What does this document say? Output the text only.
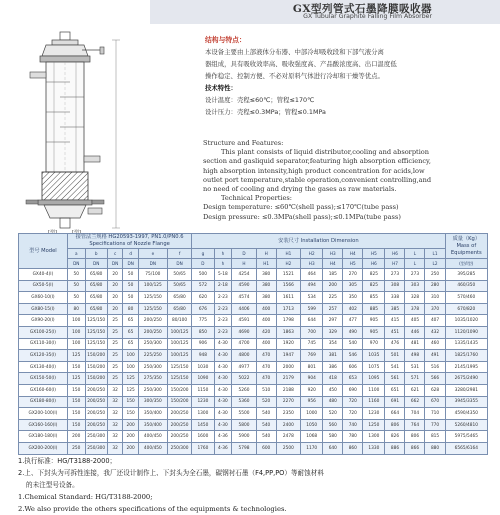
GX型列管式石墨降膜吸收器
GX Tubular Graphite Falling Film Absorber
结构与特点：
本设备主要由上部液体分布器、中部冷却吸收段和下部气液分离
器组成，具有吸收效率高、吸收强度高、产品酸浓度高、出口温度低
操作稳定、控制方便、不必对原料气体进行冷却和干燥等优点。
技术特性：
设计温度：壳程≤60℃；管程≤170℃
设计压力：壳程≤0.3MPa；管程≤0.1MPa
Structure and Features:
This plant consists of liquid distributor,cooling and absorption
section and gasliquid separator,featuring high absorption efficiency,
high absorption intensity,high product concentration for acids,low
outlet port temperature,stable operation,convenient controlling,and
no need of cooling and drying the gases as raw materials.
Technical Properties:
Design temperature: ≤60℃(shell pass);≤170℃(tube pass)
Design pressure: ≤0.3MPa(shell pass);≤0.1MPa(tube pass)
型号 Model	接管法兰规格 HG20593-1997, PN1.0/PN0.6 Specifications of Nozzle Flange						安装尺寸 Installation Dimension												质量（Kg） Mass of Equipments
	a	b	c	d	e	f	g	h	D	H	H1	H2	H3	H4	H5	H6	L	L1	
	DN	DN	DN	DN	DN	DN	D	h	H	H1	H2	H3	H4	H5	H6	H7	L	L2	(型/I型)
GX40-4(I)	50	65/80	20	50	75/100	50/65	500	5-18	4254	380	1521	464	185	270	825	273	273	250	395/285
GX50-5(I)	50	65/80	20	50	100/125	50/65	572	2-18	4590	380	1566	494	200	305	825	308	303	280	460/350
GX60-10(I)	50	65/80	20	50	125/150	65/80	620	2-23	4574	380	1611	534	225	350	855	338	328	310	570/460
GX80-15(I)	80	65/80	20	80	125/150	65/80	676	2-23	4406	400	1713	599	257	402	885	385	378	370	670/820
GX90-20(I)	100	125/150	25	65	200/250	80/100	775	2-23	4591	400	1798	644	297	477	905	415	405	407	1035/1020
GX100-25(I)	100	125/150	25	65	200/250	100/125	850	2-23	4690	420	1863	700	329	490	905	451	446	432	1120/1090
GX110-30(I)	100	125/150	25	65	250/300	100/125	906	4-30	4700	400	1920	745	354	540	970	476	481	460	1335/1435
GX120-35(I)	125	150/200	25	100	225/250	100/125	948	4-30	4800	470	1947	769	381	546	1035	501	498	491	1825/1760
GX130-40(I)	150	150/200	25	100	250/300	125/150	1030	4-30	4977	470	2000	801	386	606	1075	541	531	516	2145/1995
GX150-50(I)	125	150/200	25	125	275/350	125/150	1090	4-30	5022	470	2179	904	418	653	1095	561	571	566	2675/2490
GX160-60(I)	150	200/250	32	125	250/300	150/200	1150	4-30	5260	510	2188	920	450	690	1100	651	621	628	3280/2981
GX180-80(I)	150	200/250	32	150	300/350	150/200	1230	4-30	5360	520	2270	956	480	720	1160	691	662	670	3945/3355
GX200-100(I)	150	200/250	32	150	350/400	200/250	1300	4-30	5500	540	2350	1000	520	720	1230	664	704	710	4590/4350
GX160-160(I)	150	200/250	32	200	350/400	200/250	1450	4-30	5800	540	2400	1050	560	740	1250	806	764	770	5260/4810
GX180-180(I)	200	250/300	32	200	400/450	200/250	1600	4-36	5900	540	2478	1068	580	780	1300	826	806	815	5975/5465
GX200-200(I)	250	250/300	32	200	400/450	250/300	1760	4-36	5798	600	2500	1170	640	860	1330	886	866	880	6565/6164
1.执行标准：HG/T3188-2000；
2.上、下封头为可拆性连接，我厂还设计制作上、下封头为全石墨，碳钢衬石墨（F4,PP,PO）等耐蚀材料
的未注型号设备。
1.Chemical Standard: HG/T3188-2000;
2.We also provide the others specifications of the equipments & technologies.
